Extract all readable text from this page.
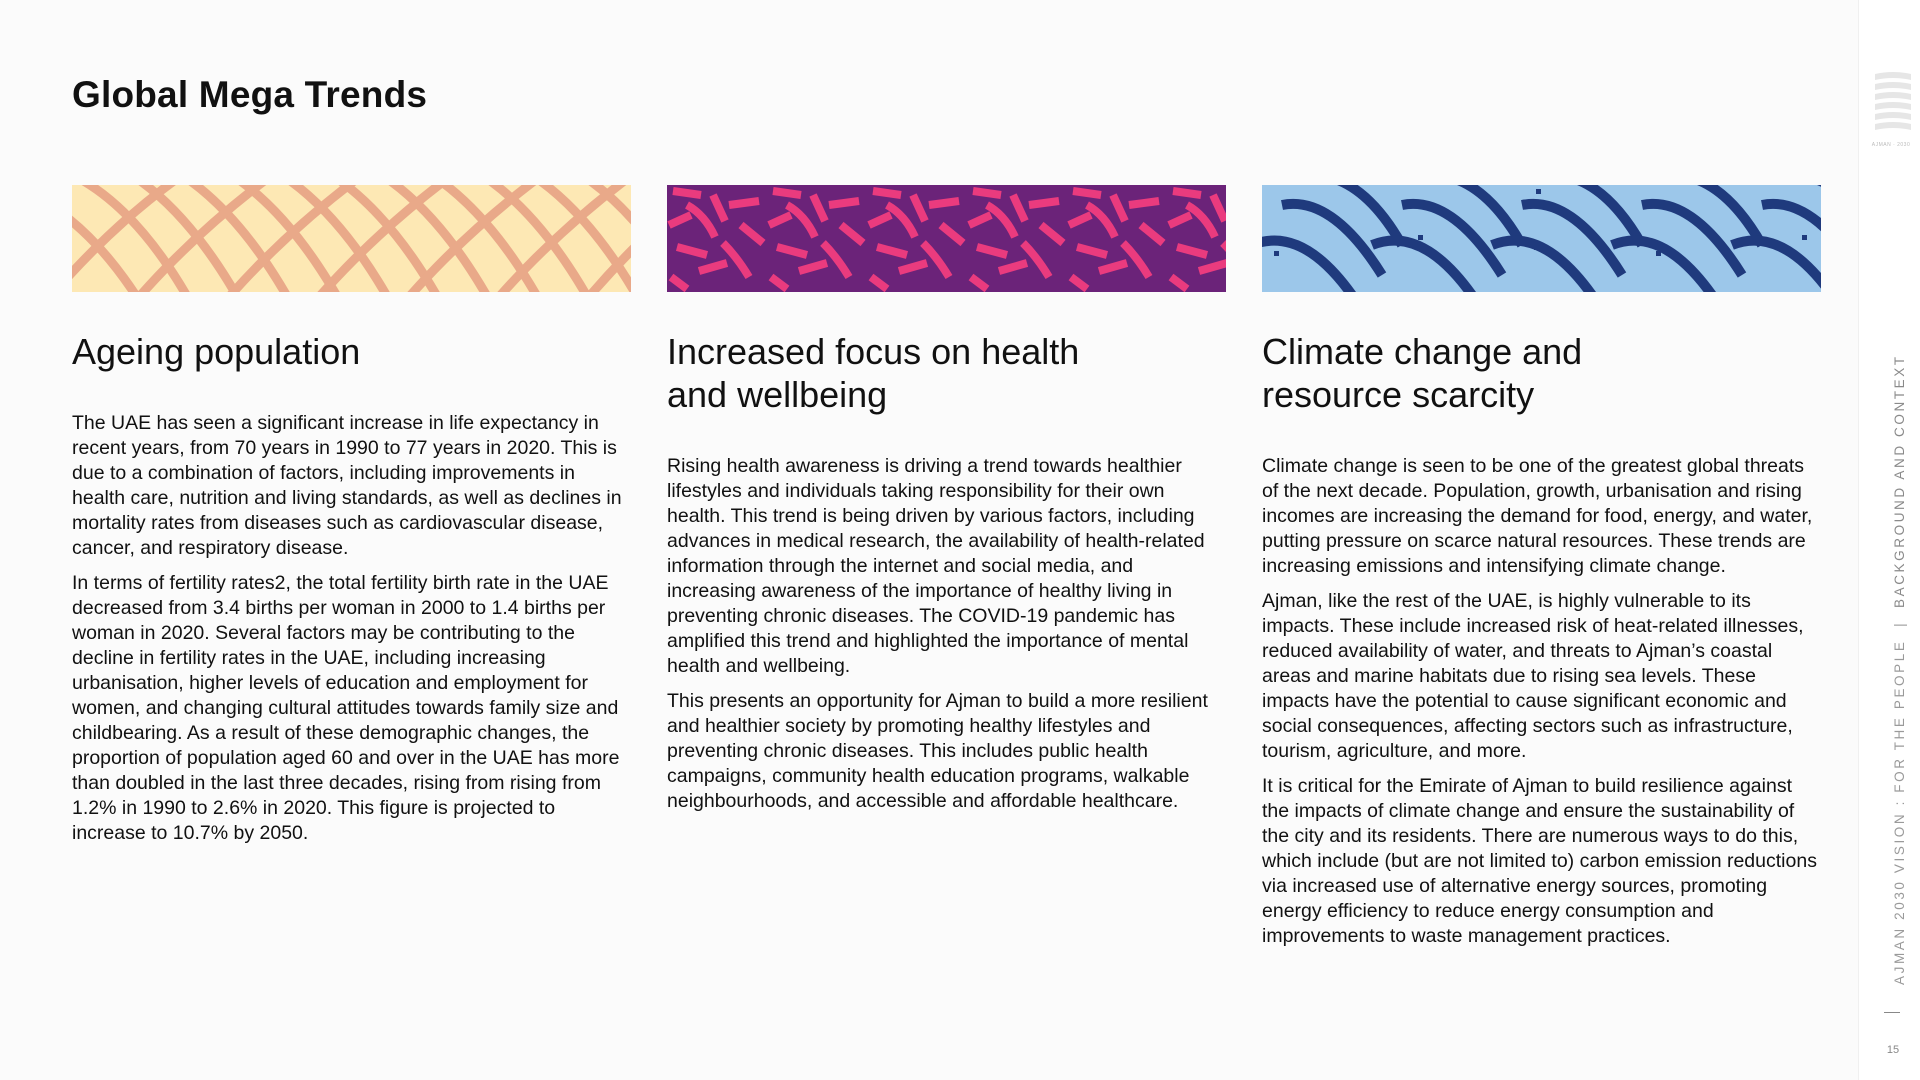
Global Mega Trends
Ageing population

The UAE has seen a significant increase in life expectancy in recent years, from 70 years in 1990 to 77 years in 2020. This is due to a combination of factors, including improvements in health care, nutrition and living standards, as well as declines in mortality rates from diseases such as cardiovascular disease, cancer, and respiratory disease.

In terms of fertility rates2, the total fertility birth rate in the UAE decreased from 3.4 births per woman in 2000 to 1.4 births per woman in 2020. Several factors may be contributing to the decline in fertility rates in the UAE, including increasing urbanisation, higher levels of education and employment for women, and changing cultural attitudes towards family size and childbearing. As a result of these demographic changes, the proportion of population aged 60 and over in the UAE has more than doubled in the last three decades, rising from rising from 1.2% in 1990 to 2.6% in 2020. This figure is projected to increase to 10.7% by 2050.

Increased focus on health
and wellbeing

Rising health awareness is driving a trend towards healthier lifestyles and individuals taking responsibility for their own health. This trend is being driven by various factors, including advances in medical research, the availability of health-related information through the internet and social media, and increasing awareness of the importance of healthy living in preventing chronic diseases. The COVID-19 pandemic has amplified this trend and highlighted the importance of mental health and wellbeing.

This presents an opportunity for Ajman to build a more resilient and healthier society by promoting healthy lifestyles and preventing chronic diseases. This includes public health campaigns, community health education programs, walkable neighbourhoods, and accessible and affordable healthcare.

Climate change and
resource scarcity

Climate change is seen to be one of the greatest global threats of the next decade. Population, growth, urbanisation and rising incomes are increasing the demand for food, energy, and water, putting pressure on scarce natural resources. These trends are increasing emissions and intensifying climate change.

Ajman, like the rest of the UAE, is highly vulnerable to its impacts. These include increased risk of heat-related illnesses, reduced availability of water, and threats to Ajman’s coastal areas and marine habitats due to rising sea levels. These impacts have the potential to cause significant economic and social consequences, affecting sectors such as infrastructure, tourism, agriculture, and more.

It is critical for the Emirate of Ajman to build resilience against the impacts of climate change and ensure the sustainability of the city and its residents. There are numerous ways to do this, which include (but are not limited to) carbon emission reductions via increased use of alternative energy sources, promoting energy efficiency to reduce energy consumption and improvements to waste management practices.

AJMAN · 2030
AJMAN 2030 VISION : FOR THE PEOPLE  |  BACKGROUND AND CONTEXT
15
